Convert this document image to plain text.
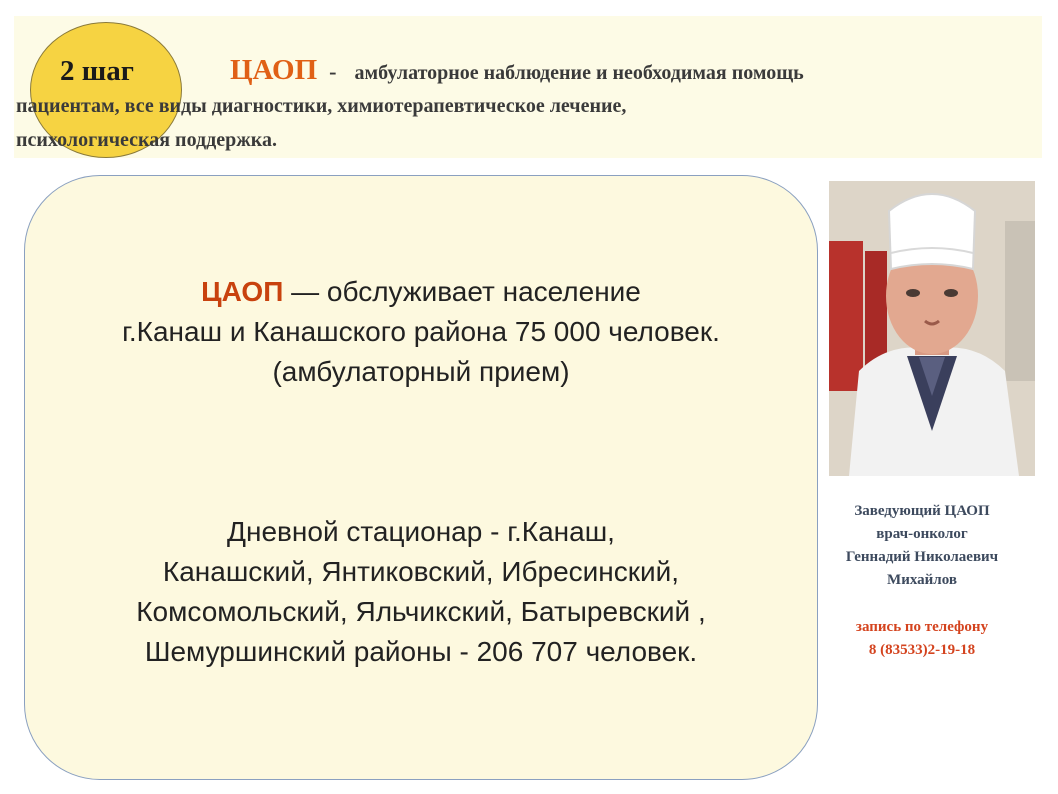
2 шаг	ЦАОП - амбулаторное наблюдение и необходимая помощь
пациентам, все виды диагностики, химиотерапевтическое лечение,
психологическая поддержка.
ЦАОП — обслуживает население
г.Канаш и Канашского района 75 000 человек.
(амбулаторный прием)
Дневной стационар - г.Канаш,
Канашский, Янтиковский, Ибресинский,
Комсомольский, Яльчикский, Батыревский ,
Шемуршинский районы - 206 707 человек.
Заведующий ЦАОП
врач-онколог
Геннадий Николаевич
Михайлов
запись по телефону
8 (83533)2-19-18
